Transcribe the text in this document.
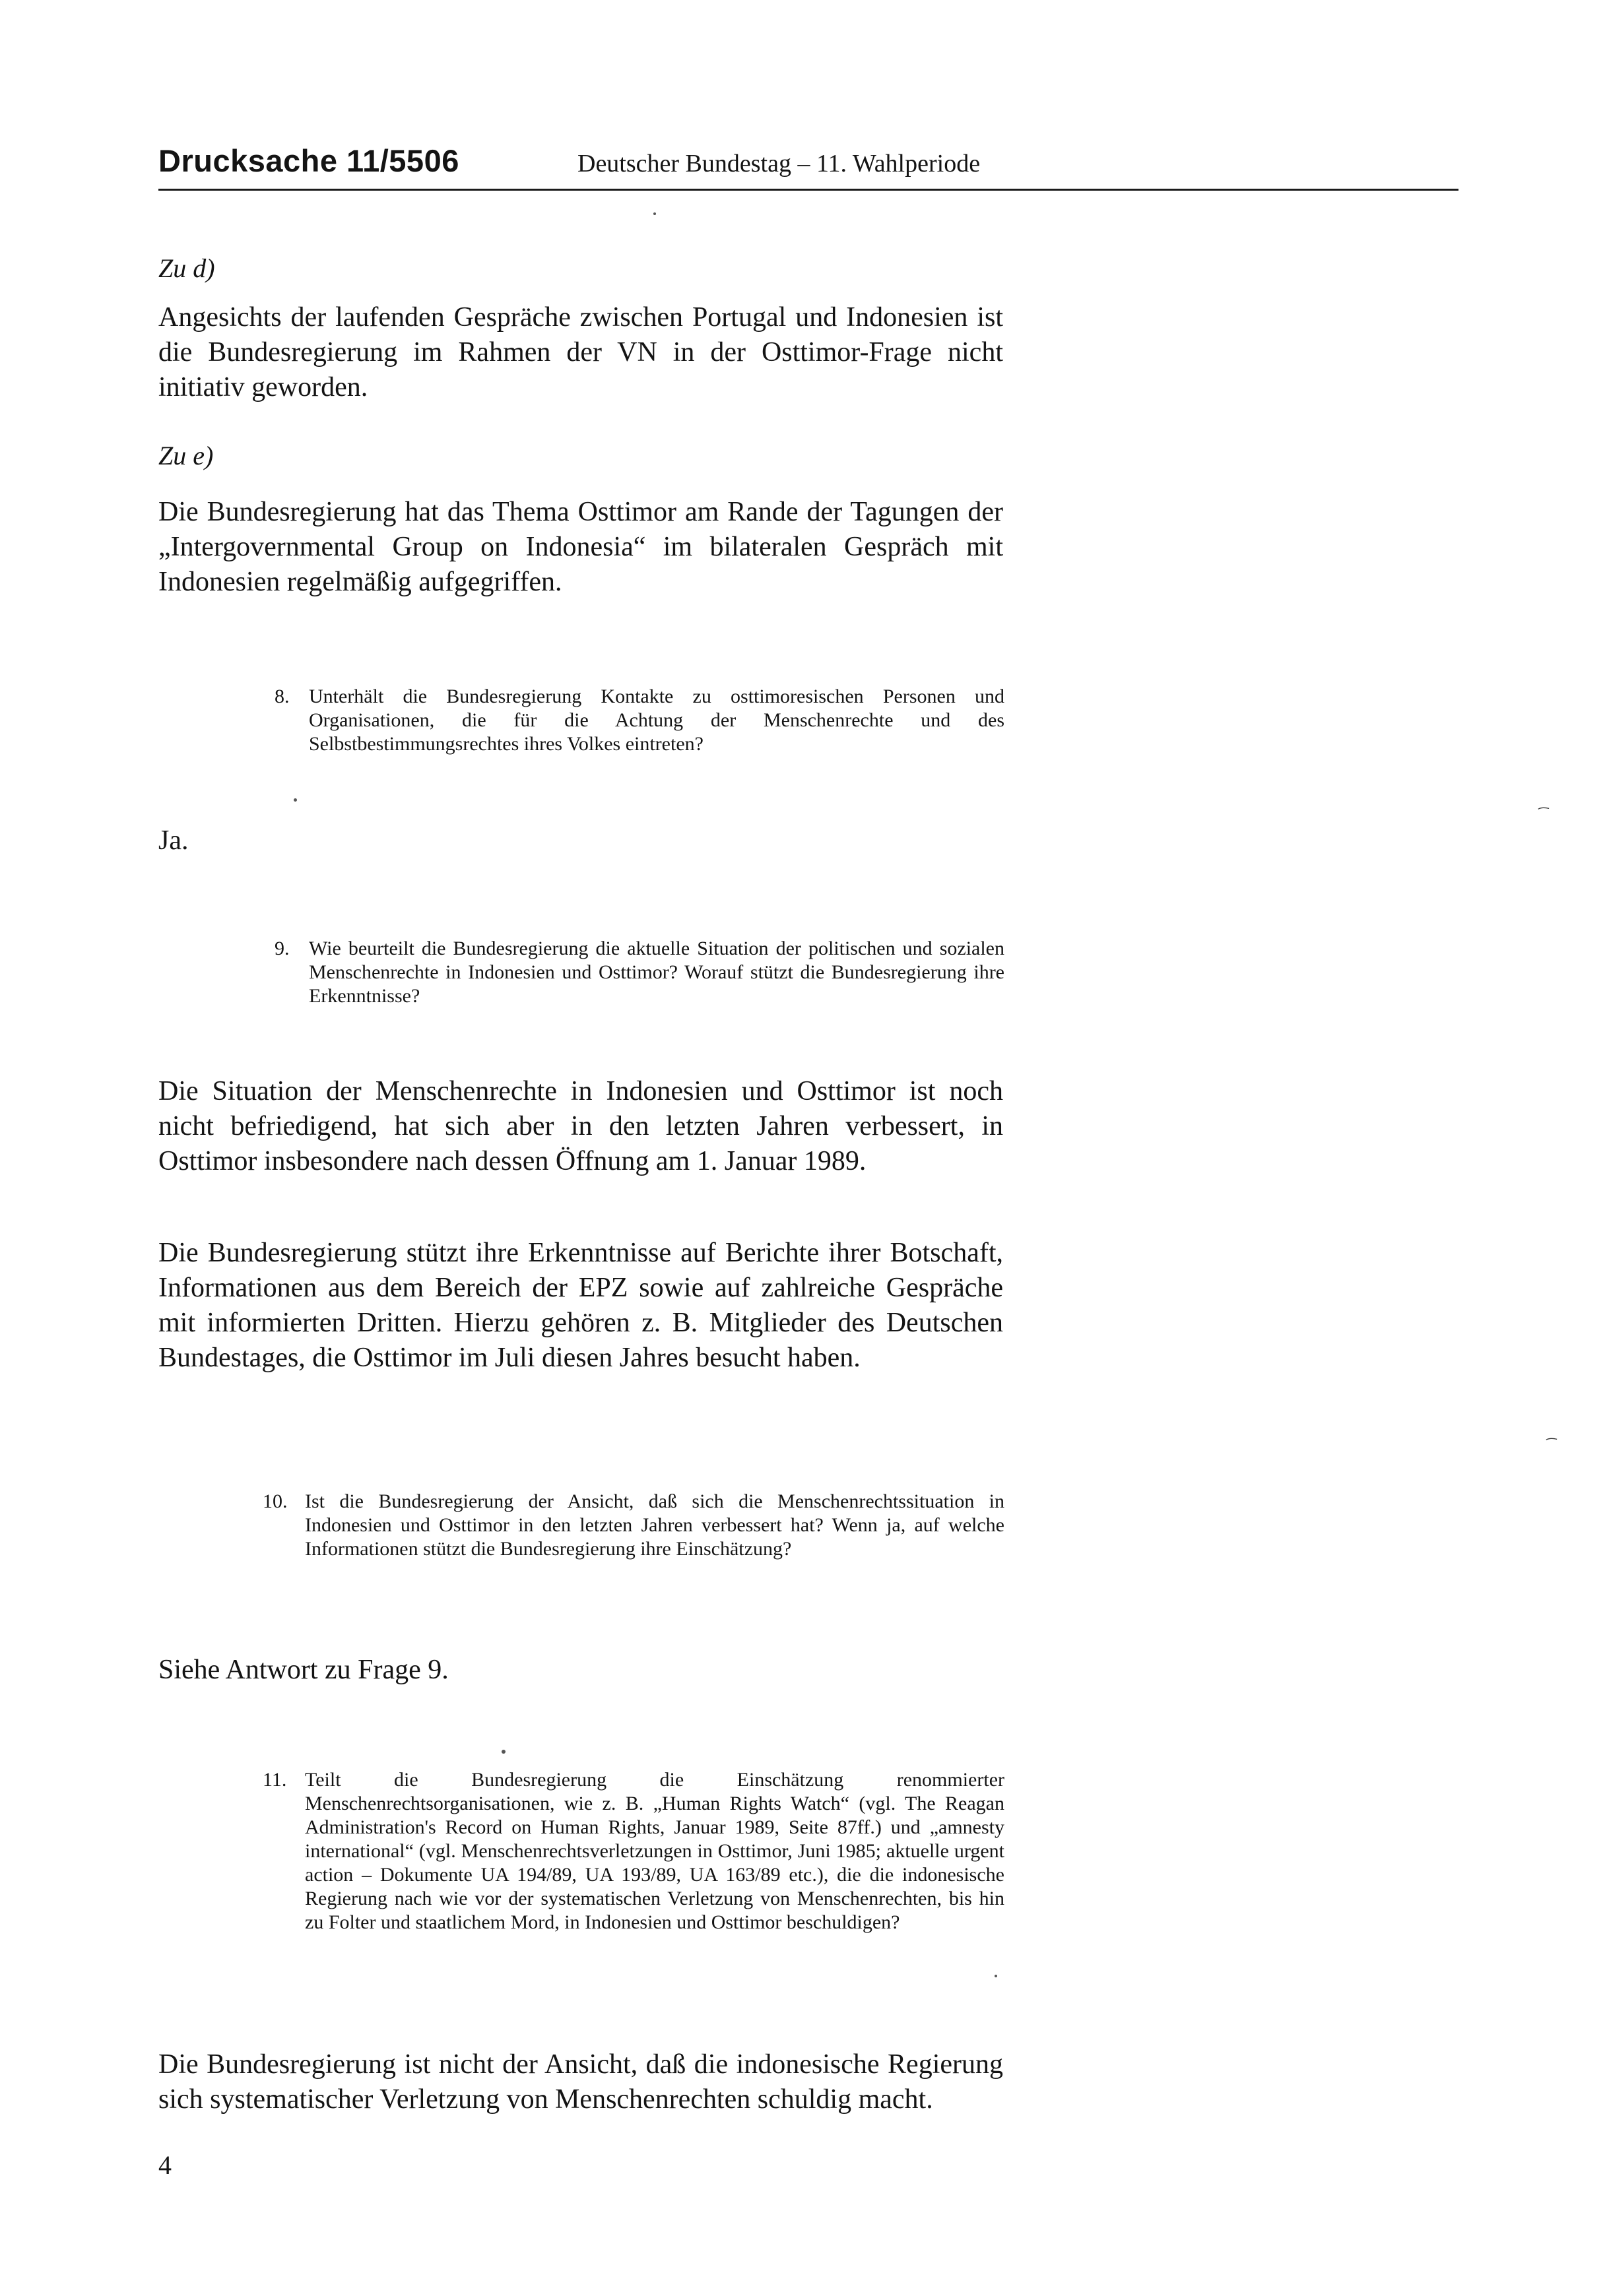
Drucksache 11/5506	Deutscher Bundestag – 11. Wahlperiode
Zu d)
Angesichts der laufenden Gespräche zwischen Portugal und Indonesien ist die Bundesregierung im Rahmen der VN in der Osttimor-Frage nicht initiativ geworden.
Zu e)
Die Bundesregierung hat das Thema Osttimor am Rande der Tagungen der „Intergovernmental Group on Indonesia“ im bilateralen Gespräch mit Indonesien regelmäßig aufgegriffen.
8. Unterhält die Bundesregierung Kontakte zu osttimoresischen Personen und Organisationen, die für die Achtung der Menschenrechte und des Selbstbestimmungsrechtes ihres Volkes eintreten?
Ja.
9. Wie beurteilt die Bundesregierung die aktuelle Situation der politischen und sozialen Menschenrechte in Indonesien und Osttimor? Worauf stützt die Bundesregierung ihre Erkenntnisse?
Die Situation der Menschenrechte in Indonesien und Osttimor ist noch nicht befriedigend, hat sich aber in den letzten Jahren verbessert, in Osttimor insbesondere nach dessen Öffnung am 1. Januar 1989.
Die Bundesregierung stützt ihre Erkenntnisse auf Berichte ihrer Botschaft, Informationen aus dem Bereich der EPZ sowie auf zahlreiche Gespräche mit informierten Dritten. Hierzu gehören z. B. Mitglieder des Deutschen Bundestages, die Osttimor im Juli diesen Jahres besucht haben.
10. Ist die Bundesregierung der Ansicht, daß sich die Menschenrechtssituation in Indonesien und Osttimor in den letzten Jahren verbessert hat? Wenn ja, auf welche Informationen stützt die Bundesregierung ihre Einschätzung?
Siehe Antwort zu Frage 9.
11. Teilt die Bundesregierung die Einschätzung renommierter Menschenrechtsorganisationen, wie z. B. „Human Rights Watch“ (vgl. The Reagan Administration's Record on Human Rights, Januar 1989, Seite 87ff.) und „amnesty international“ (vgl. Menschenrechtsverletzungen in Osttimor, Juni 1985; aktuelle urgent action – Dokumente UA 194/89, UA 193/89, UA 163/89 etc.), die die indonesische Regierung nach wie vor der systematischen Verletzung von Menschenrechten, bis hin zu Folter und staatlichem Mord, in Indonesien und Osttimor beschuldigen?
Die Bundesregierung ist nicht der Ansicht, daß die indonesische Regierung sich systematischer Verletzung von Menschenrechten schuldig macht.
4
